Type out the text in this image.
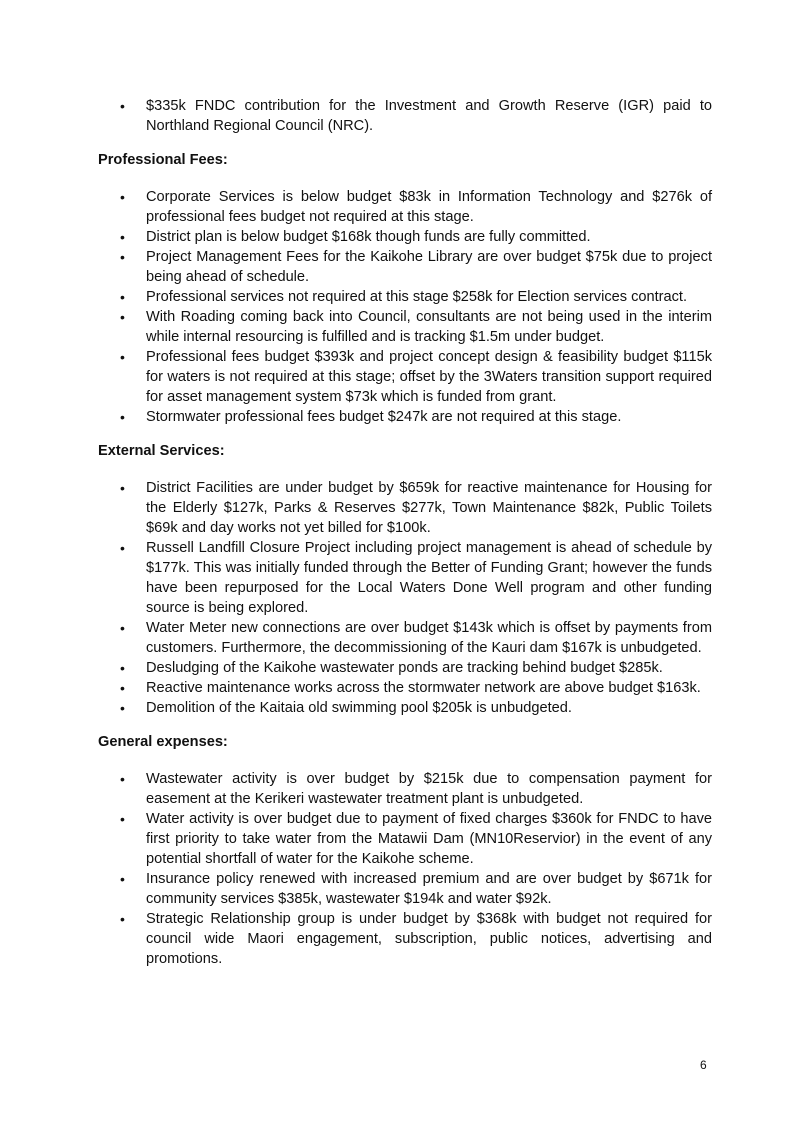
• $335k FNDC contribution for the Investment and Growth Reserve (IGR) paid to Northland Regional Council (NRC).
Professional Fees:
• Corporate Services is below budget $83k in Information Technology and $276k of professional fees budget not required at this stage.
• District plan is below budget $168k though funds are fully committed.
• Project Management Fees for the Kaikohe Library are over budget $75k due to project being ahead of schedule.
• Professional services not required at this stage $258k for Election services contract.
• With Roading coming back into Council, consultants are not being used in the interim while internal resourcing is fulfilled and is tracking $1.5m under budget.
• Professional fees budget $393k and project concept design & feasibility budget $115k for waters is not required at this stage; offset by the 3Waters transition support required for asset management system $73k which is funded from grant.
• Stormwater professional fees budget $247k are not required at this stage.
External Services:
• District Facilities are under budget by $659k for reactive maintenance for Housing for the Elderly $127k, Parks & Reserves $277k, Town Maintenance $82k, Public Toilets $69k and day works not yet billed for $100k.
• Russell Landfill Closure Project including project management is ahead of schedule by $177k. This was initially funded through the Better of Funding Grant; however the funds have been repurposed for the Local Waters Done Well program and other funding source is being explored.
• Water Meter new connections are over budget $143k which is offset by payments from customers. Furthermore, the decommissioning of the Kauri dam $167k is unbudgeted.
• Desludging of the Kaikohe wastewater ponds are tracking behind budget $285k.
• Reactive maintenance works across the stormwater network are above budget $163k.
• Demolition of the Kaitaia old swimming pool $205k is unbudgeted.
General expenses:
• Wastewater activity is over budget by $215k due to compensation payment for easement at the Kerikeri wastewater treatment plant is unbudgeted.
• Water activity is over budget due to payment of fixed charges $360k for FNDC to have first priority to take water from the Matawii Dam (MN10Reservior) in the event of any potential shortfall of water for the Kaikohe scheme.
• Insurance policy renewed with increased premium and are over budget by $671k for community services $385k, wastewater $194k and water $92k.
• Strategic Relationship group is under budget by $368k with budget not required for council wide Maori engagement, subscription, public notices, advertising and promotions.
6
